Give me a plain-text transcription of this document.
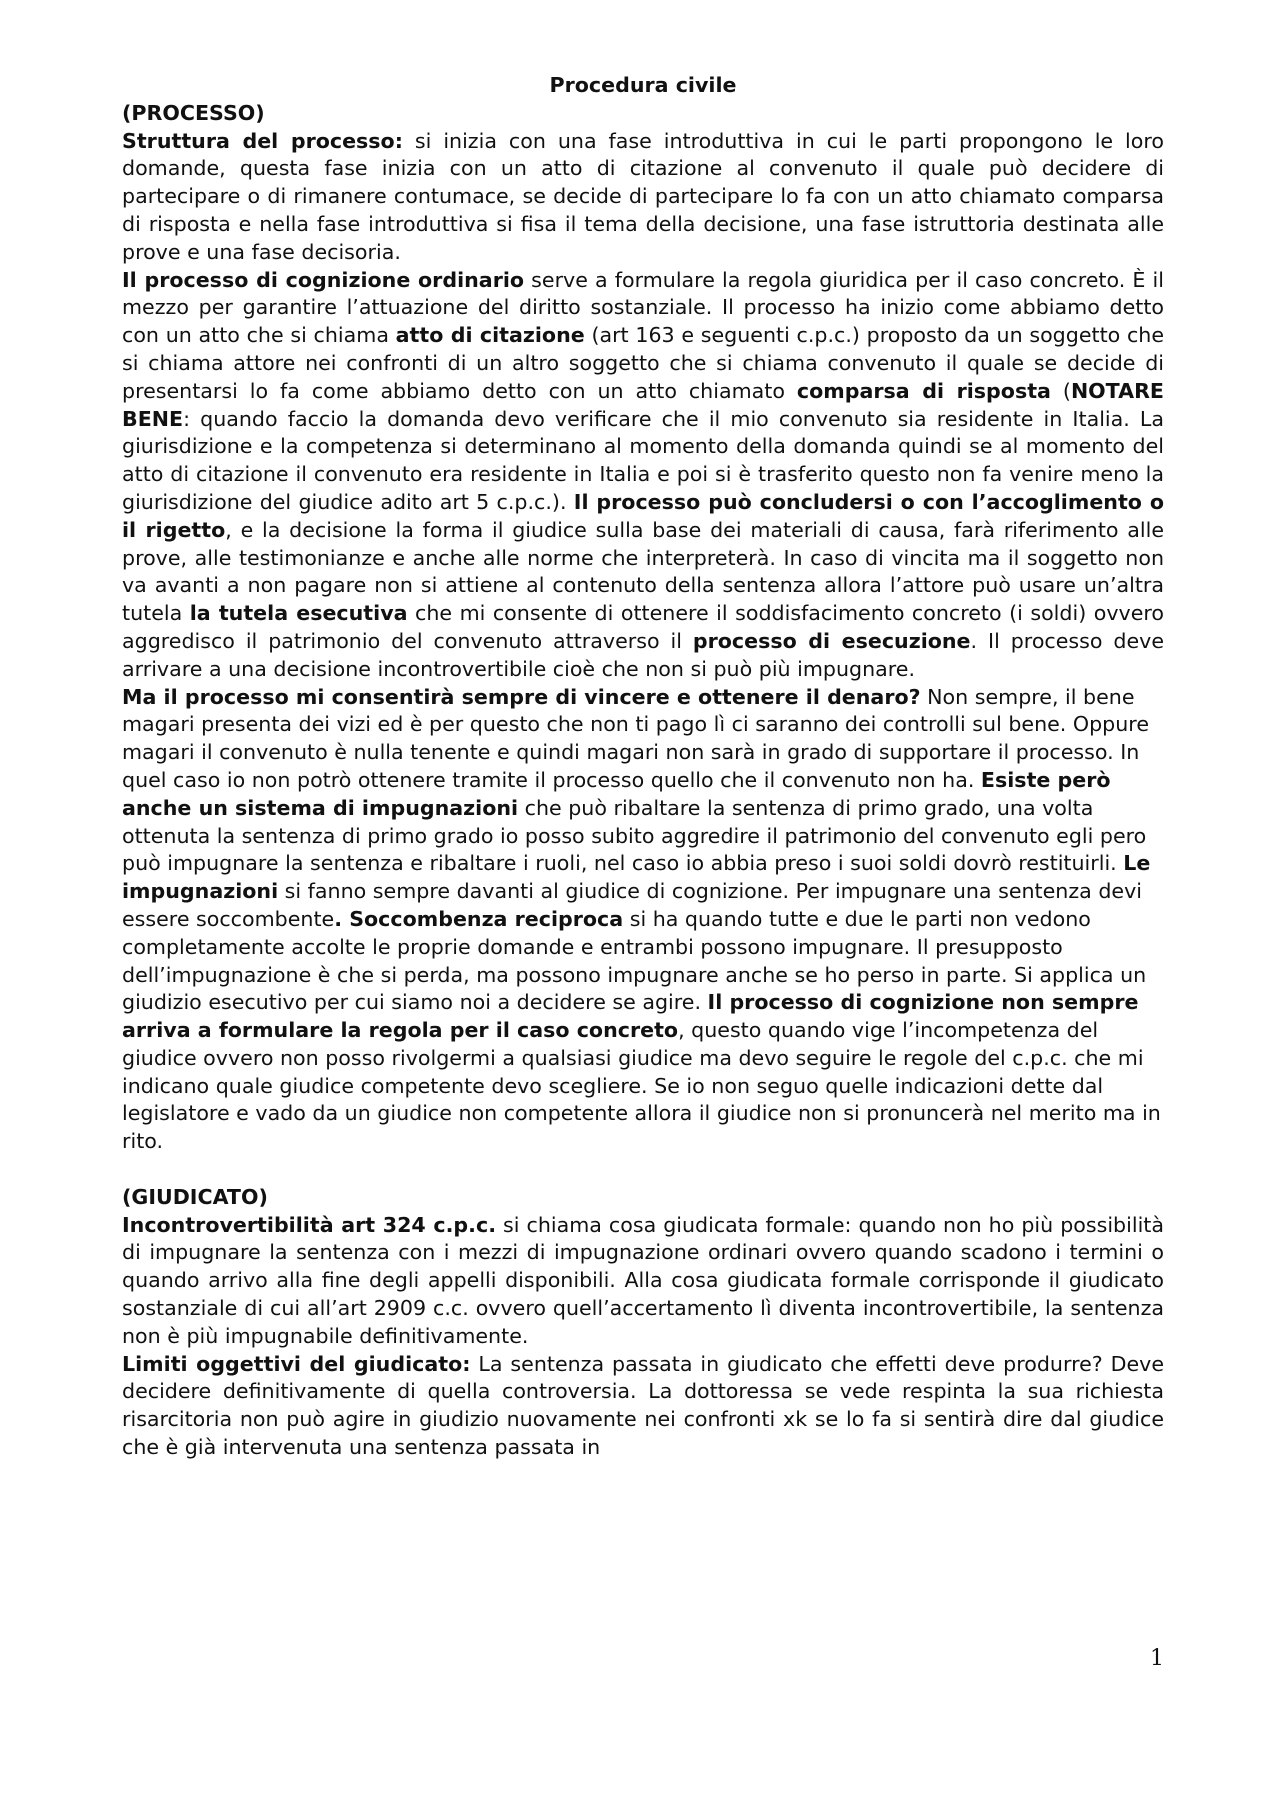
Procedura civile
(PROCESSO)

Struttura del processo: si inizia con una fase introduttiva in cui le parti propongono le loro domande, questa fase inizia con un atto di citazione al convenuto il quale può decidere di partecipare o di rimanere contumace, se decide di partecipare lo fa con un atto chiamato comparsa di risposta e nella fase introduttiva si fisa il tema della decisione, una fase istruttoria destinata alle prove e una fase decisoria.

Il processo di cognizione ordinario serve a formulare la regola giuridica per il caso concreto. È il mezzo per garantire l’attuazione del diritto sostanziale. Il processo ha inizio come abbiamo detto con un atto che si chiama atto di citazione (art 163 e seguenti c.p.c.) proposto da un soggetto che si chiama attore nei confronti di un altro soggetto che si chiama convenuto il quale se decide di presentarsi lo fa come abbiamo detto con un atto chiamato comparsa di risposta (NOTARE BENE: quando faccio la domanda devo verificare che il mio convenuto sia residente in Italia. La giurisdizione e la competenza si determinano al momento della domanda quindi se al momento del atto di citazione il convenuto era residente in Italia e poi si è trasferito questo non fa venire meno la giurisdizione del giudice adito art 5 c.p.c.). Il processo può concludersi o con l’accoglimento o il rigetto, e la decisione la forma il giudice sulla base dei materiali di causa, farà riferimento alle prove, alle testimonianze e anche alle norme che interpreterà. In caso di vincita ma il soggetto non va avanti a non pagare non si attiene al contenuto della sentenza allora l’attore può usare un’altra tutela la tutela esecutiva che mi consente di ottenere il soddisfacimento concreto (i soldi) ovvero aggredisco il patrimonio del convenuto attraverso il processo di esecuzione. Il processo deve arrivare a una decisione incontrovertibile cioè che non si può più impugnare.

Ma il processo mi consentirà sempre di vincere e ottenere il denaro? Non sempre, il bene magari presenta dei vizi ed è per questo che non ti pago lì ci saranno dei controlli sul bene. Oppure magari il convenuto è nulla tenente e quindi magari non sarà in grado di supportare il processo. In quel caso io non potrò ottenere tramite il processo quello che il convenuto non ha. Esiste però anche un sistema di impugnazioni che può ribaltare la sentenza di primo grado, una volta ottenuta la sentenza di primo grado io posso subito aggredire il patrimonio del convenuto egli pero può impugnare la sentenza e ribaltare i ruoli, nel caso io abbia preso i suoi soldi dovrò restituirli. Le impugnazioni si fanno sempre davanti al giudice di cognizione. Per impugnare una sentenza devi essere soccombente. Soccombenza reciproca si ha quando tutte e due le parti non vedono completamente accolte le proprie domande e entrambi possono impugnare. Il presupposto dell’impugnazione è che si perda, ma possono impugnare anche se ho perso in parte. Si applica un giudizio esecutivo per cui siamo noi a decidere se agire. Il processo di cognizione non sempre arriva a formulare la regola per il caso concreto, questo quando vige l’incompetenza del giudice ovvero non posso rivolgermi a qualsiasi giudice ma devo seguire le regole del c.p.c. che mi indicano quale giudice competente devo scegliere. Se io non seguo quelle indicazioni dette dal legislatore e vado da un giudice non competente allora il giudice non si pronuncerà nel merito ma in rito.

(GIUDICATO)

Incontrovertibilità art 324 c.p.c. si chiama cosa giudicata formale: quando non ho più possibilità di impugnare la sentenza con i mezzi di impugnazione ordinari ovvero quando scadono i termini o quando arrivo alla fine degli appelli disponibili. Alla cosa giudicata formale corrisponde il giudicato sostanziale di cui all’art 2909 c.c. ovvero quell’accertamento lì diventa incontrovertibile, la sentenza non è più impugnabile definitivamente.

Limiti oggettivi del giudicato: La sentenza passata in giudicato che effetti deve produrre? Deve decidere definitivamente di quella controversia. La dottoressa se vede respinta la sua richiesta risarcitoria non può agire in giudizio nuovamente nei confronti xk se lo fa si sentirà dire dal giudice che è già intervenuta una sentenza passata in

1
